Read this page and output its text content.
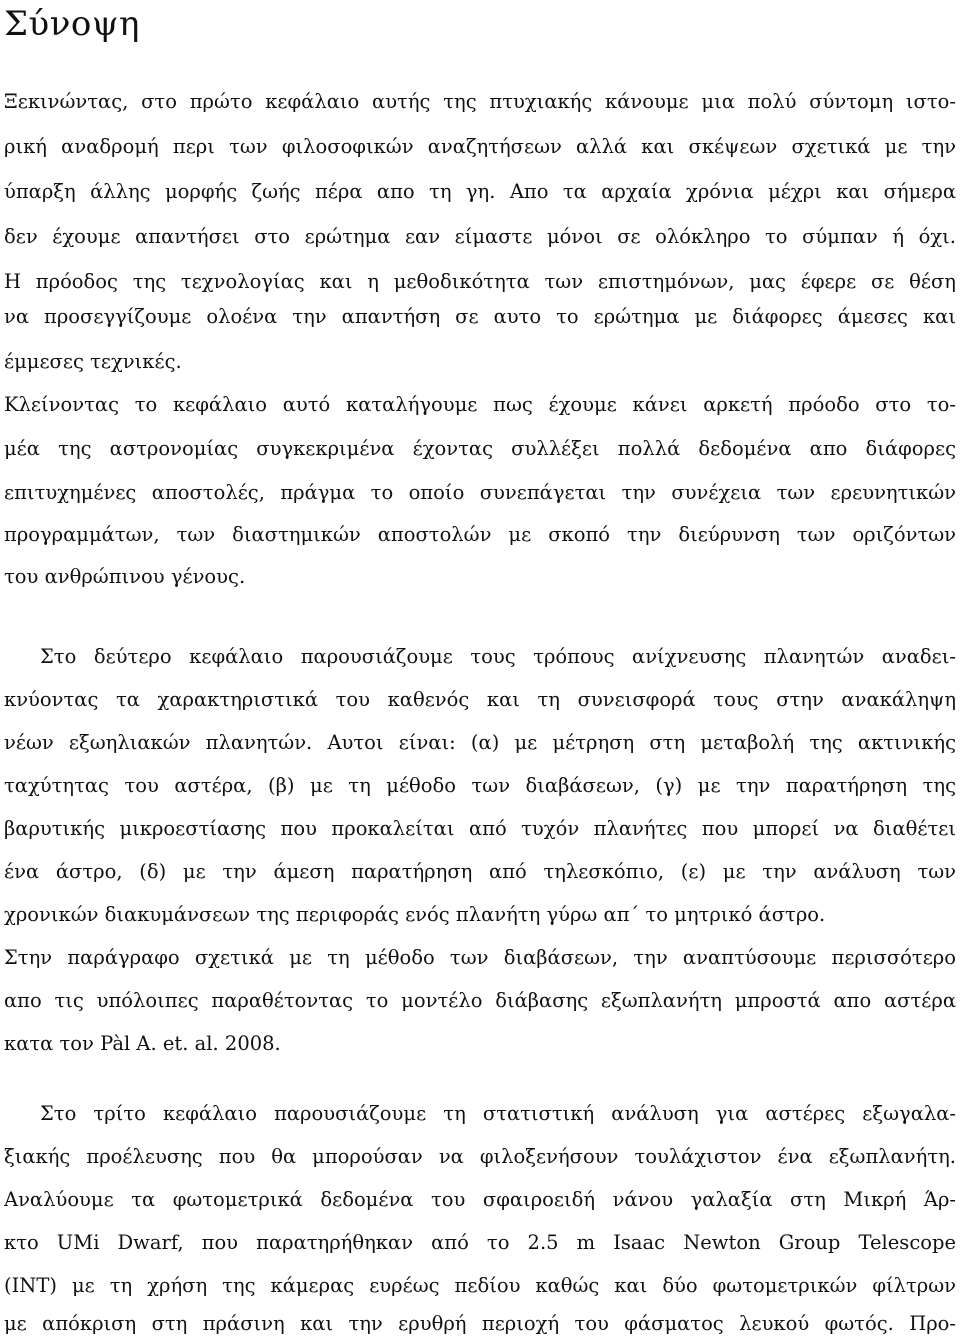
Σύνοψη

Ξεκινώντας, στο πρώτο κεφάλαιο αυτής της πτυχιακής κάνουμε μια πολύ σύντομη ιστο-

ρική αναδρομή περι των φιλοσοφικών αναζητήσεων αλλά και σκέψεων σχετικά με την

ύπαρξη άλλης μορφής ζωής πέρα απο τη γη. Απο τα αρχαία χρόνια μέχρι και σήμερα

δεν έχουμε απαντήσει στο ερώτημα εαν είμαστε μόνοι σε ολόκληρο το σύμπαν ή όχι.

Η πρόοδος της τεχνολογίας και η μεθοδικότητα των επιστημόνων, μας έφερε σε θέση

να προσεγγίζουμε ολοένα την απαντήση σε αυτο το ερώτημα με διάφορες άμεσες και

έμμεσες τεχνικές.

Κλείνοντας το κεφάλαιο αυτό καταλήγουμε πως έχουμε κάνει αρκετή πρόοδο στο το-

μέα της αστρονομίας συγκεκριμένα έχοντας συλλέξει πολλά δεδομένα απο διάφορες

επιτυχημένες αποστολές, πράγμα το οποίο συνεπάγεται την συνέχεια των ερευνητικών

προγραμμάτων, των διαστημικών αποστολών με σκοπό την διεύρυνση των οριζόντων

του ανθρώπινου γένους.

Στο δεύτερο κεφάλαιο παρουσιάζουμε τους τρόπους ανίχνευσης πλανητών αναδει-

κνύοντας τα χαρακτηριστικά του καθενός και τη συνεισφορά τους στην ανακάληψη

νέων εξωηλιακών πλανητών. Αυτοι είναι: (α) με μέτρηση στη μεταβολή της ακτινικής

ταχύτητας του αστέρα, (β) με τη μέθοδο των διαβάσεων, (γ) με την παρατήρηση της

βαρυτικής μικροεστίασης που προκαλείται από τυχόν πλανήτες που μπορεί να διαθέτει

ένα άστρο, (δ) με την άμεση παρατήρηση από τηλεσκόπιο, (ε) με την ανάλυση των

χρονικών διακυμάνσεων της περιφοράς ενός πλανήτη γύρω απ΄ το μητρικό άστρο.

Στην παράγραφο σχετικά με τη μέθοδο των διαβάσεων, την αναπτύσουμε περισσότερο

απο τις υπόλοιπες παραθέτοντας το μοντέλο διάβασης εξωπλανήτη μπροστά απο αστέρα

κατα τον Pàl A. et. al. 2008.

Στο τρίτο κεφάλαιο παρουσιάζουμε τη στατιστική ανάλυση για αστέρες εξωγαλα-

ξιακής προέλευσης που θα μπορούσαν να φιλοξενήσουν τουλάχιστον ένα εξωπλανήτη.

Αναλύουμε τα φωτομετρικά δεδομένα του σφαιροειδή νάνου γαλαξία στη Μικρή Άρ-

κτο UMi Dwarf, που παρατηρήθηκαν από το 2.5 m Isaac Newton Group Telescope

(INT) με τη χρήση της κάμερας ευρέως πεδίου καθώς και δύο φωτομετρικών φίλτρων

με απόκριση στη πράσινη και την ερυθρή περιοχή του φάσματος λευκού φωτός. Προ-
